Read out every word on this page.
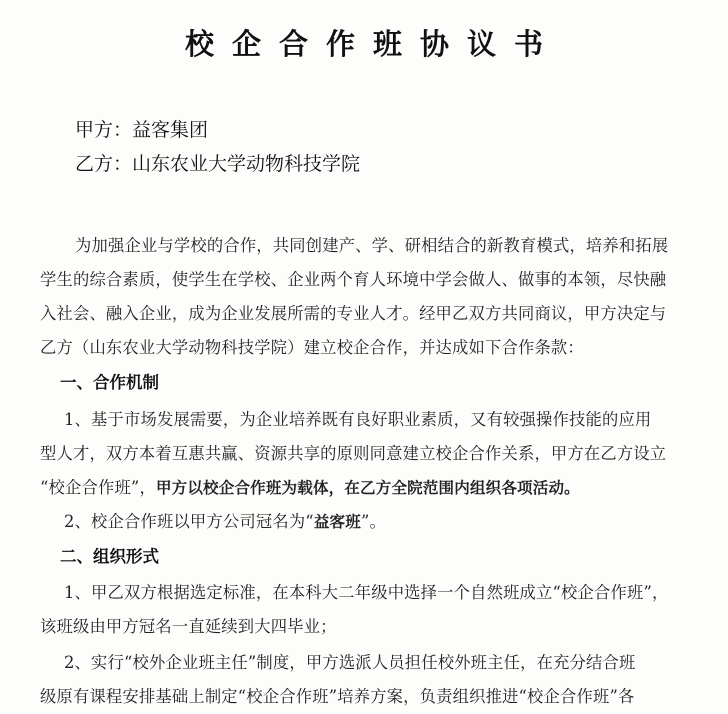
校企合作班协议书
甲方：益客集团
乙方：山东农业大学动物科技学院
为加强企业与学校的合作，共同创建产、学、研相结合的新教育模式，培养和拓展
学生的综合素质，使学生在学校、企业两个育人环境中学会做人、做事的本领，尽快融
入社会、融入企业，成为企业发展所需的专业人才。经甲乙双方共同商议，甲方决定与
乙方（山东农业大学动物科技学院）建立校企合作，并达成如下合作条款：
一、合作机制
1、基于市场发展需要，为企业培养既有良好职业素质，又有较强操作技能的应用
型人才，双方本着互惠共赢、资源共享的原则同意建立校企合作关系，甲方在乙方设立
“校企合作班”，甲方以校企合作班为载体，在乙方全院范围内组织各项活动。
2、校企合作班以甲方公司冠名为“益客班”。
二、组织形式
1、甲乙双方根据选定标准，在本科大二年级中选择一个自然班成立“校企合作班”，
该班级由甲方冠名一直延续到大四毕业；
2、实行“校外企业班主任”制度，甲方选派人员担任校外班主任，在充分结合班
级原有课程安排基础上制定“校企合作班”培养方案，负责组织推进“校企合作班”各
